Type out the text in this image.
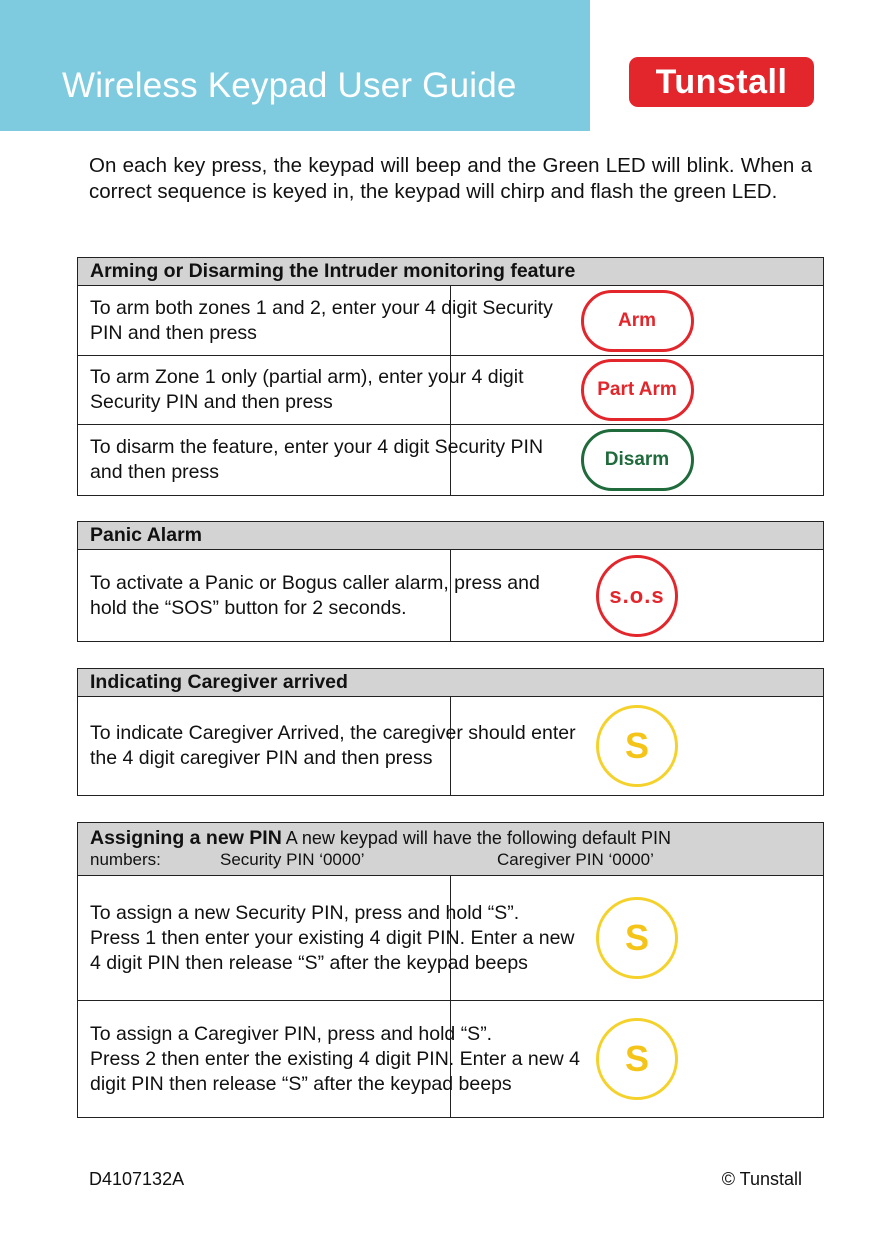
Wireless Keypad User Guide	Tunstall

On each key press, the keypad will beep and the Green LED will blink. When a correct sequence is keyed in, the keypad will chirp and flash the green LED.

Arming or Disarming the Intruder monitoring feature	

To arm both zones 1 and 2, enter your 4 digit Security
PIN and then press	Arm

To arm Zone 1 only (partial arm), enter your 4 digit
Security PIN and then press	Part Arm

To disarm the feature, enter your 4 digit Security PIN
and then press	Disarm
Panic Alarm

To activate a Panic or Bogus caller alarm, press and
hold the “SOS” button for 2 seconds.	s.o.s
Indicating Caregiver arrived

To indicate Caregiver Arrived, the caregiver should enter
the 4 digit caregiver PIN and then press	S
Assigning a new PIN A new keypad will have the following default PIN
numbers: Security PIN ‘0000’ Caregiver PIN ‘0000’	

To assign a new Security PIN, press and hold “S”.
Press 1 then enter your existing 4 digit PIN. Enter a new
4 digit PIN then release “S” after the keypad beeps	S

To assign a Caregiver PIN, press and hold “S”.
Press 2 then enter the existing 4 digit PIN. Enter a new 4
digit PIN then release “S” after the keypad beeps	S
D4107132A	© Tunstall
